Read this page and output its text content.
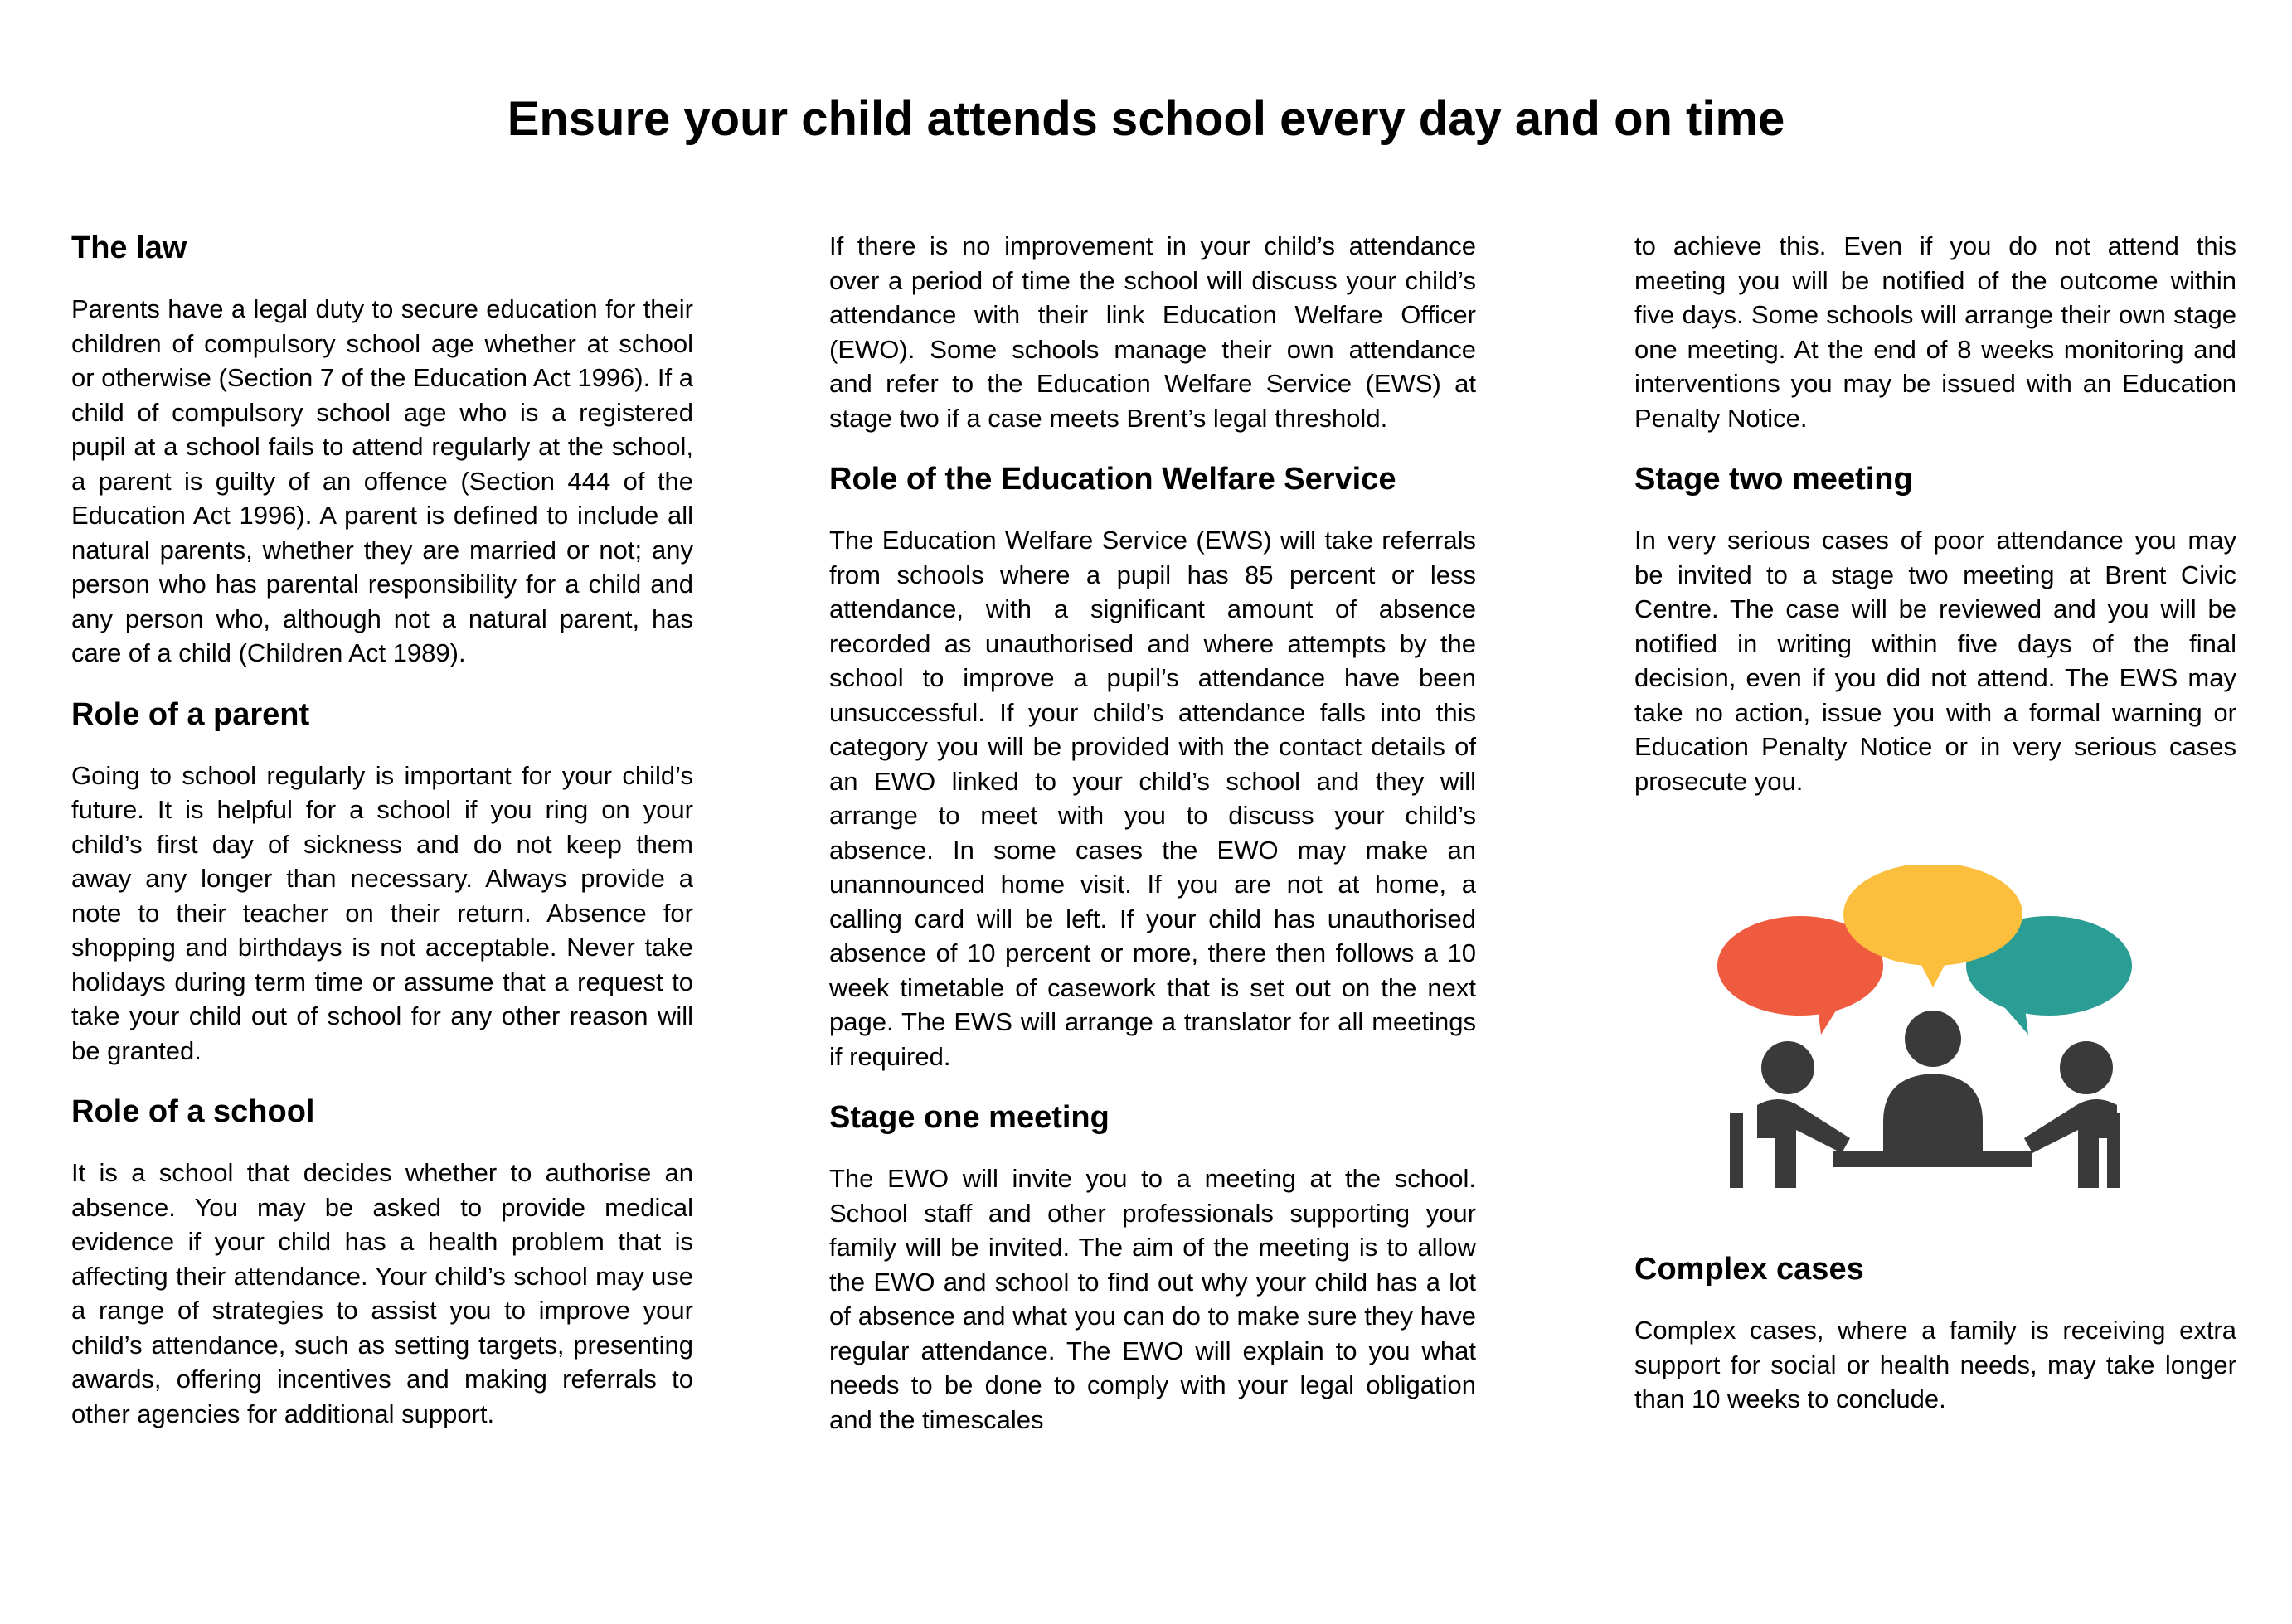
Ensure your child attends school every day and on time
The law

Parents have a legal duty to secure education for their children of compulsory school age whether at school or otherwise (Section 7 of the Education Act 1996). If a child of compulsory school age who is a registered pupil at a school fails to attend regularly at the school, a parent is guilty of an offence (Section 444 of the Education Act 1996). A parent is defined to include all natural parents, whether they are married or not; any person who has parental responsibility for a child and any person who, although not a natural parent, has care of a child (Children Act 1989).

Role of a parent

Going to school regularly is important for your child’s future. It is helpful for a school if you ring on your child’s first day of sickness and do not keep them away any longer than necessary. Always provide a note to their teacher on their return. Absence for shopping and birthdays is not acceptable. Never take holidays during term time or assume that a request to take your child out of school for any other reason will be granted.

Role of a school

It is a school that decides whether to authorise an absence. You may be asked to provide medical evidence if your child has a health problem that is affecting their attendance. Your child’s school may use a range of strategies to assist you to improve your child’s attendance, such as setting targets, presenting awards, offering incentives and making referrals to other agencies for additional support.

If there is no improvement in your child’s attendance over a period of time the school will discuss your child’s attendance with their link Education Welfare Officer (EWO). Some schools manage their own attendance and refer to the Education Welfare Service (EWS) at stage two if a case meets Brent’s legal threshold.

Role of the Education Welfare Service

The Education Welfare Service (EWS) will take referrals from schools where a pupil has 85 percent or less attendance, with a significant amount of absence recorded as unauthorised and where attempts by the school to improve a pupil’s attendance have been unsuccessful. If your child’s attendance falls into this category you will be provided with the contact details of an EWO linked to your child’s school and they will arrange to meet with you to discuss your child’s absence. In some cases the EWO may make an unannounced home visit. If you are not at home, a calling card will be left. If your child has unauthorised absence of 10 percent or more, there then follows a 10 week timetable of casework that is set out on the next page. The EWS will arrange a translator for all meetings if required.

Stage one meeting

The EWO will invite you to a meeting at the school. School staff and other professionals supporting your family will be invited. The aim of the meeting is to allow the EWO and school to find out why your child has a lot of absence and what you can do to make sure they have regular attendance. The EWO will explain to you what needs to be done to comply with your legal obligation and the timescales

to achieve this. Even if you do not attend this meeting you will be notified of the outcome within five days. Some schools will arrange their own stage one meeting. At the end of 8 weeks monitoring and interventions you may be issued with an Education Penalty Notice.

Stage two meeting

In very serious cases of poor attendance you may be invited to a stage two meeting at Brent Civic Centre. The case will be reviewed and you will be notified in writing within five days of the final decision, even if you did not attend. The EWS may take no action, issue you with a formal warning or Education Penalty Notice or in very serious cases prosecute you.

Complex cases

Complex cases, where a family is receiving extra support for social or health needs, may take longer than 10 weeks to conclude.
